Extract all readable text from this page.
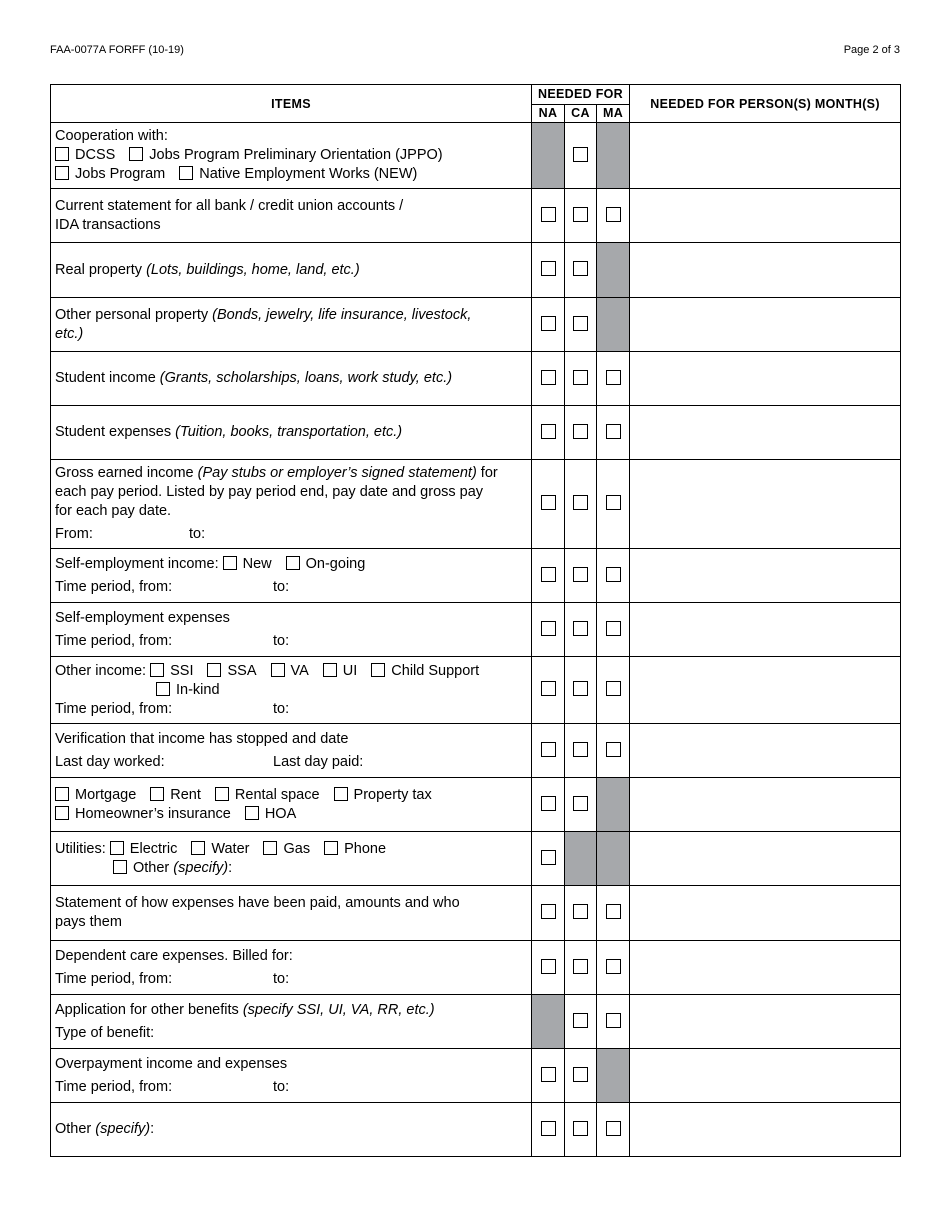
FAA-0077A FORFF (10-19)	Page 2 of 3
ITEMS	NEEDED FOR			NEEDED FOR PERSON(S) MONTH(S)
	NA	CA	MA	

Cooperation with:
DCSS Jobs Program Preliminary Orientation (JPPO)
Jobs Program Native Employment Works (NEW)				

Current statement for all bank / credit union accounts /
IDA transactions				

Real property (Lots, buildings, home, land, etc.)				
Other personal property (Bonds, jewelry, life insurance, livestock,
etc.)				
Student income (Grants, scholarships, loans, work study, etc.)				
Student expenses (Tuition, books, transportation, etc.)				

Gross earned income (Pay stubs or employer’s signed statement) for
each pay period. Listed by pay period end, pay date and gross pay
for each pay date.
From: to:				

Self-employment income: New On-going
Time period, from: to:				

Self-employment expenses
Time period, from: to:				

Other income: SSI SSA VA UI Child Support
In-kind
Time period, from: to:				

Verification that income has stopped and date
Last day worked: Last day paid:				

Mortgage Rent Rental space Property tax
Homeowner’s insurance HOA				

Utilities: Electric Water Gas Phone
Other (specify):				

Statement of how expenses have been paid, amounts and who
pays them				

Dependent care expenses. Billed for:
Time period, from: to:				

Application for other benefits (specify SSI, UI, VA, RR, etc.)
Type of benefit:				

Overpayment income and expenses
Time period, from: to:				

Other (specify):				
